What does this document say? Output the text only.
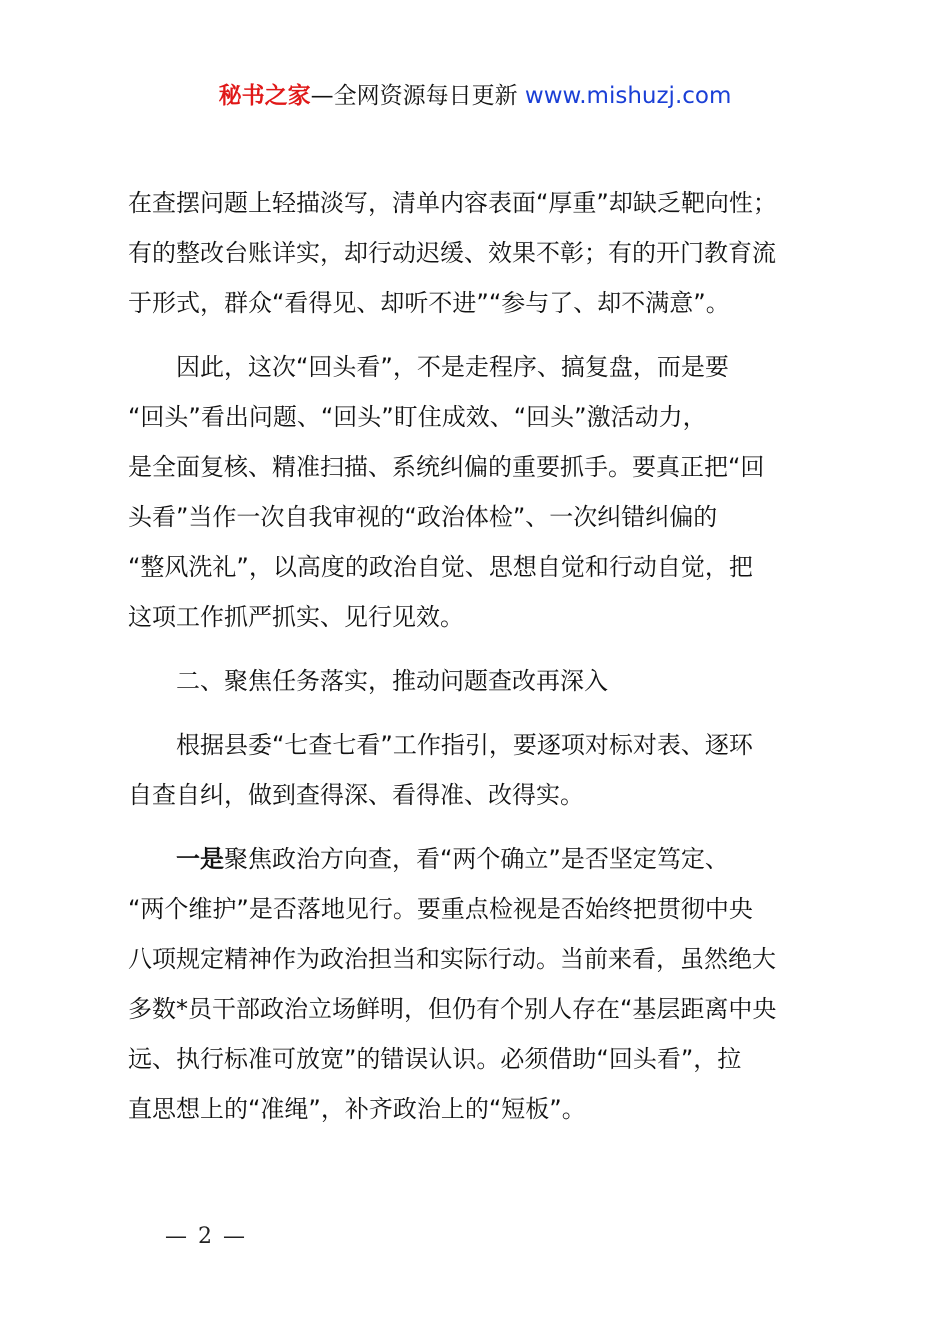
秘书之家—全网资源每日更新 www.mishuzj.com
在查摆问题上轻描淡写，清单内容表面“厚重”却缺乏靶向性；
有的整改台账详实，却行动迟缓、效果不彰；有的开门教育流
于形式，群众“看得见、却听不进”“参与了、却不满意”。
因此，这次“回头看”，不是走程序、搞复盘，而是要
“回头”看出问题、“回头”盯住成效、“回头”激活动力，
是全面复核、精准扫描、系统纠偏的重要抓手。要真正把“回
头看”当作一次自我审视的“政治体检”、一次纠错纠偏的
“整风洗礼”，以高度的政治自觉、思想自觉和行动自觉，把
这项工作抓严抓实、见行见效。
二、聚焦任务落实，推动问题查改再深入
根据县委“七查七看”工作指引，要逐项对标对表、逐环
自查自纠，做到查得深、看得准、改得实。
一是聚焦政治方向查，看“两个确立”是否坚定笃定、
“两个维护”是否落地见行。要重点检视是否始终把贯彻中央
八项规定精神作为政治担当和实际行动。当前来看，虽然绝大
多数*员干部政治立场鲜明，但仍有个别人存在“基层距离中央
远、执行标准可放宽”的错误认识。必须借助“回头看”，拉
直思想上的“准绳”，补齐政治上的“短板”。
— 2 —
